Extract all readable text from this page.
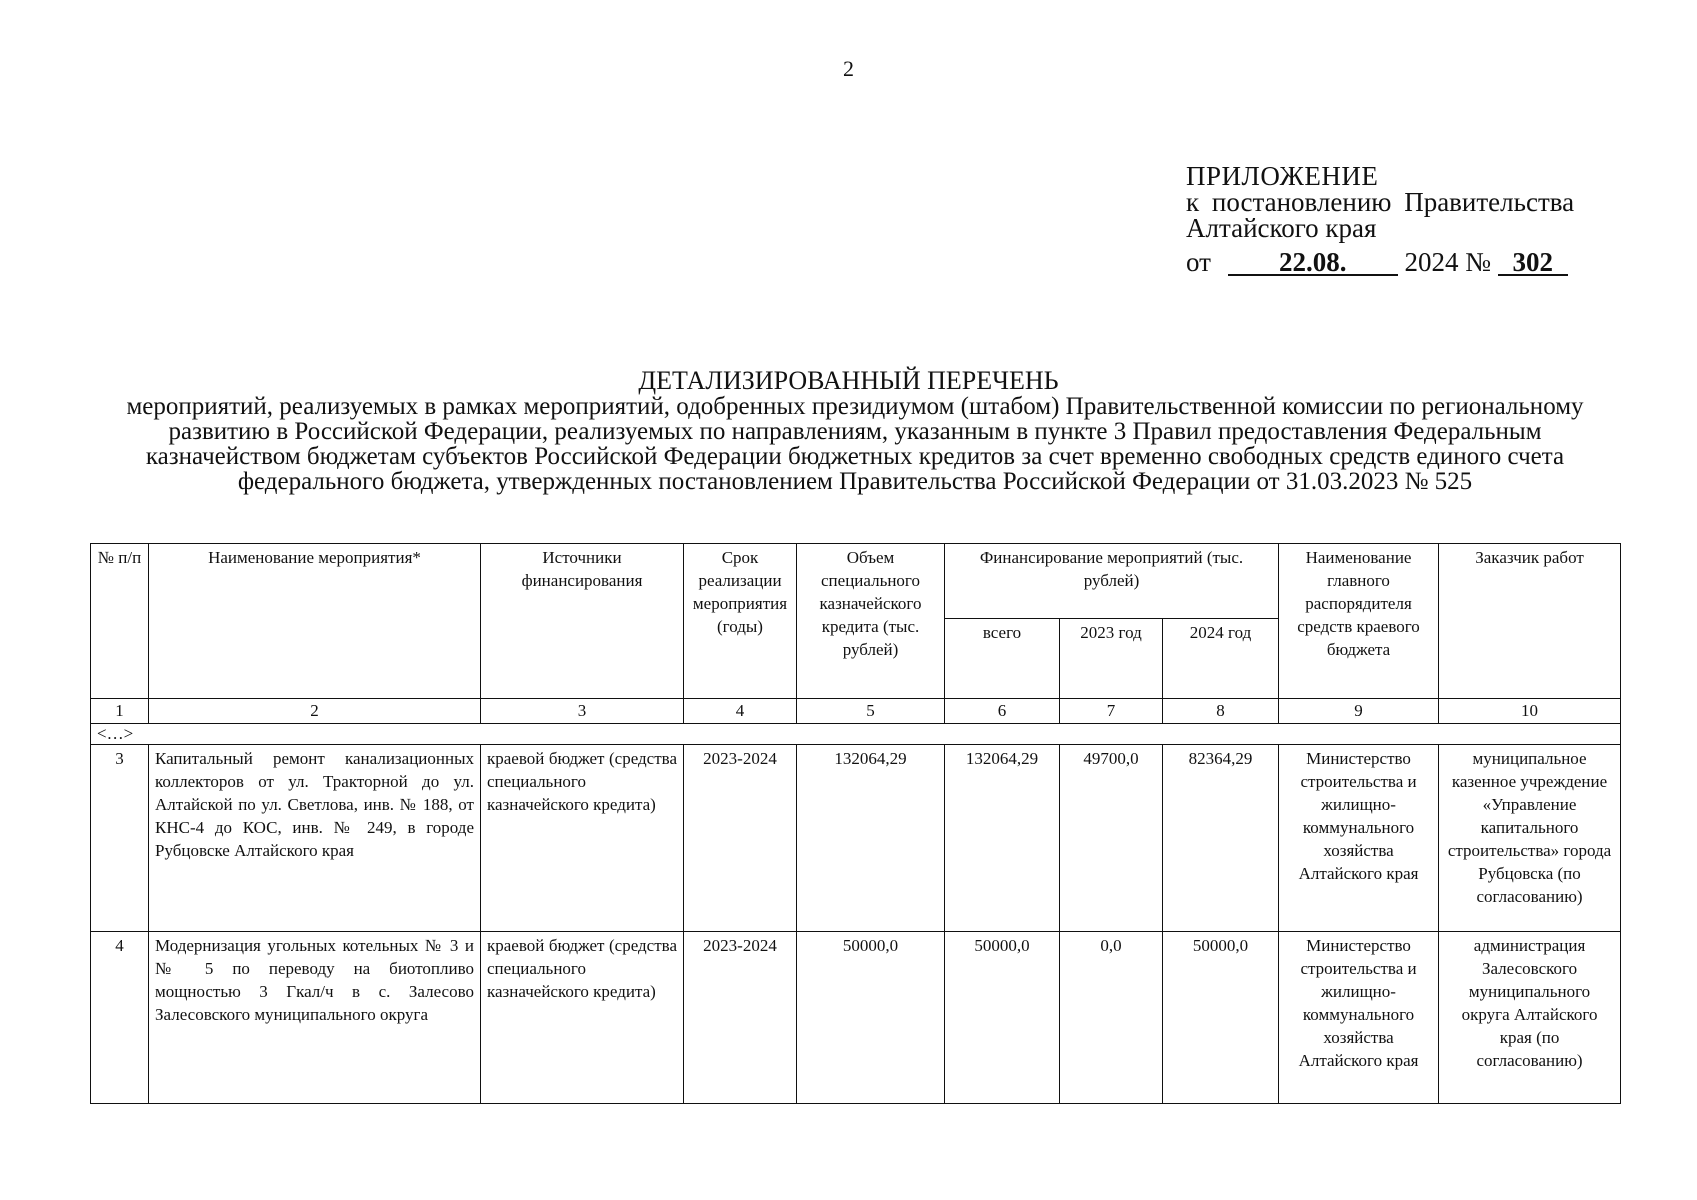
2
ПРИЛОЖЕНИЕ
к постановлению Правительства
Алтайского края
от	22.08. 2024 № 302
ДЕТАЛИЗИРОВАННЫЙ ПЕРЕЧЕНЬ
мероприятий, реализуемых в рамках мероприятий, одобренных президиумом (штабом) Правительственной комиссии по региональному развитию в Российской Федерации, реализуемых по направлениям, указанным в пункте 3 Правил предоставления Федеральным казначейством бюджетам субъектов Российской Федерации бюджетных кредитов за счет временно свободных средств единого счета федерального бюджета, утвержденных постановлением Правительства Российской Федерации от 31.03.2023 № 525
№ п/п	Наименование мероприятия*	Источники финансирования	Срок реализации мероприятия (годы)	Объем специального казначейского кредита (тыс. рублей)	Финансирование мероприятий (тыс. рублей)			Наименование главного распорядителя средств краевого бюджета	Заказчик работ
					всего	2023 год	2024 год		
1	2	3	4	5	6	7	8	9	10
<…>									
3	Капитальный ремонт канализационных коллекторов от ул. Тракторной до ул. Алтайской по ул. Светлова, инв. № 188, от КНС-4 до КОС, инв. № 249, в городе Рубцовске Алтайского края	краевой бюджет (средства специального казначейского кредита)	2023-2024	132064,29	132064,29	49700,0	82364,29	Министерство строительства и жилищно-коммунального хозяйства Алтайского края	муниципальное казенное учреждение «Управление капитального строительства» города Рубцовска (по согласованию)
4	Модернизация угольных котельных № 3 и № 5 по переводу на биотопливо мощностью 3 Гкал/ч в с. Залесово Залесовского муниципального округа	краевой бюджет (средства специального казначейского кредита)	2023-2024	50000,0	50000,0	0,0	50000,0	Министерство строительства и жилищно-коммунального хозяйства Алтайского края	администрация Залесовского муниципального округа Алтайского края (по согласованию)
